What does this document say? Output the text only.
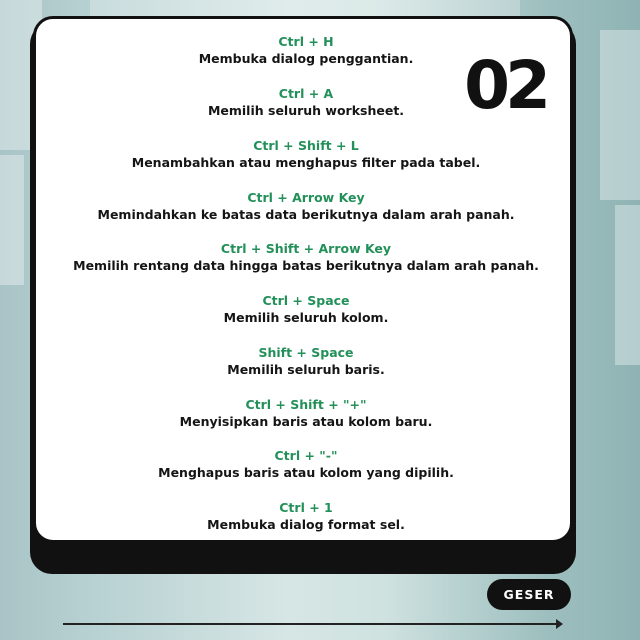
02
Ctrl + H
Membuka dialog penggantian.
Ctrl + A
Memilih seluruh worksheet.
Ctrl + Shift + L
Menambahkan atau menghapus filter pada tabel.
Ctrl + Arrow Key
Memindahkan ke batas data berikutnya dalam arah panah.
Ctrl + Shift + Arrow Key
Memilih rentang data hingga batas berikutnya dalam arah panah.
Ctrl + Space
Memilih seluruh kolom.
Shift + Space
Memilih seluruh baris.
Ctrl + Shift + "+"
Menyisipkan baris atau kolom baru.
Ctrl + "-"
Menghapus baris atau kolom yang dipilih.
Ctrl + 1
Membuka dialog format sel.
GESER
